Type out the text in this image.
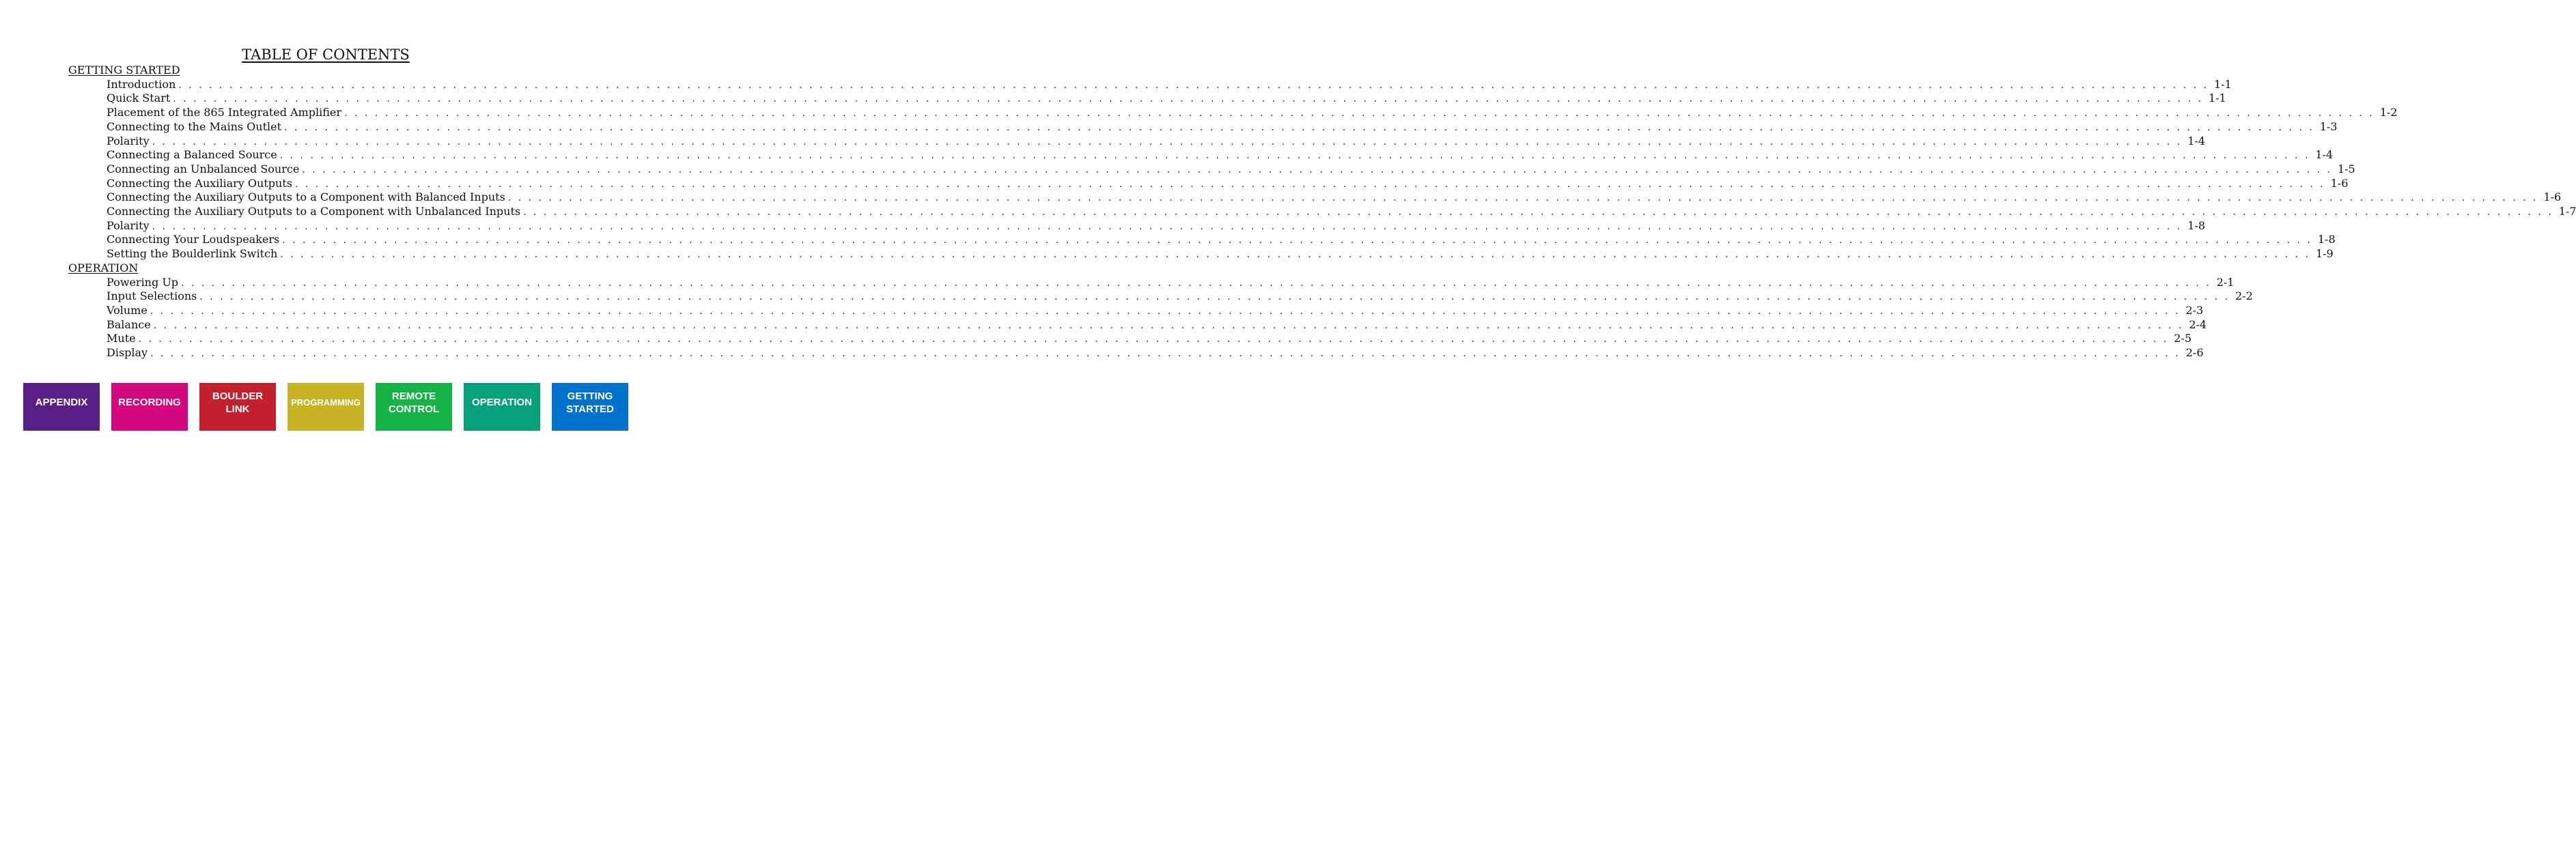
TABLE OF CONTENTS
GETTING STARTED
Introduction . . . . . . . . . . . . . . . . . . . . . . . . . . . . . . . . . . . . . . . . . . . . . . . . . . . . . . . . . . . . . . . . . . . . . . . . . . . . . . . . . . . . . . . . . . . . . . . . . . . . . . . . . . . . . . . . . . . . . . . . . . . . . . . . . . . . . . . . . . . . . . . . . . . . . . . . . . . . . . . . . . . . . . . . . . . . . . . . . . . . . . . . . . . . . . . . . . . . . . . . 1-1
Quick Start . . . . . . . . . . . . . . . . . . . . . . . . . . . . . . . . . . . . . . . . . . . . . . . . . . . . . . . . . . . . . . . . . . . . . . . . . . . . . . . . . . . . . . . . . . . . . . . . . . . . . . . . . . . . . . . . . . . . . . . . . . . . . . . . . . . . . . . . . . . . . . . . . . . . . . . . . . . . . . . . . . . . . . . . . . . . . . . . . . . . . . . . . . . . . . . . . . . . . . . . 1-1
Placement of the 865 Integrated Amplifier . . . . . . . . . . . . . . . . . . . . . . . . . . . . . . . . . . . . . . . . . . . . . . . . . . . . . . . . . . . . . . . . . . . . . . . . . . . . . . . . . . . . . . . . . . . . . . . . . . . . . . . . . . . . . . . . . . . . . . . . . . . . . . . . . . . . . . . . . . . . . . . . . . . . . . . . . . . . . . . . . . . . . . . . . . . . . . . . . . . . . . . . . . . . . . . . . . . . . . . . 1-2
Connecting to the Mains Outlet . . . . . . . . . . . . . . . . . . . . . . . . . . . . . . . . . . . . . . . . . . . . . . . . . . . . . . . . . . . . . . . . . . . . . . . . . . . . . . . . . . . . . . . . . . . . . . . . . . . . . . . . . . . . . . . . . . . . . . . . . . . . . . . . . . . . . . . . . . . . . . . . . . . . . . . . . . . . . . . . . . . . . . . . . . . . . . . . . . . . . . . . . . . . . . . . . . . . . . . . 1-3
Polarity . . . . . . . . . . . . . . . . . . . . . . . . . . . . . . . . . . . . . . . . . . . . . . . . . . . . . . . . . . . . . . . . . . . . . . . . . . . . . . . . . . . . . . . . . . . . . . . . . . . . . . . . . . . . . . . . . . . . . . . . . . . . . . . . . . . . . . . . . . . . . . . . . . . . . . . . . . . . . . . . . . . . . . . . . . . . . . . . . . . . . . . . . . . . . . . . . . . . . . . . 1-4
Connecting a Balanced Source . . . . . . . . . . . . . . . . . . . . . . . . . . . . . . . . . . . . . . . . . . . . . . . . . . . . . . . . . . . . . . . . . . . . . . . . . . . . . . . . . . . . . . . . . . . . . . . . . . . . . . . . . . . . . . . . . . . . . . . . . . . . . . . . . . . . . . . . . . . . . . . . . . . . . . . . . . . . . . . . . . . . . . . . . . . . . . . . . . . . . . . . . . . . . . . . . . . . . . . . 1-4
Connecting an Unbalanced Source . . . . . . . . . . . . . . . . . . . . . . . . . . . . . . . . . . . . . . . . . . . . . . . . . . . . . . . . . . . . . . . . . . . . . . . . . . . . . . . . . . . . . . . . . . . . . . . . . . . . . . . . . . . . . . . . . . . . . . . . . . . . . . . . . . . . . . . . . . . . . . . . . . . . . . . . . . . . . . . . . . . . . . . . . . . . . . . . . . . . . . . . . . . . . . . . . . . . . . . . 1-5
Connecting the Auxiliary Outputs . . . . . . . . . . . . . . . . . . . . . . . . . . . . . . . . . . . . . . . . . . . . . . . . . . . . . . . . . . . . . . . . . . . . . . . . . . . . . . . . . . . . . . . . . . . . . . . . . . . . . . . . . . . . . . . . . . . . . . . . . . . . . . . . . . . . . . . . . . . . . . . . . . . . . . . . . . . . . . . . . . . . . . . . . . . . . . . . . . . . . . . . . . . . . . . . . . . . . . . . 1-6
Connecting the Auxiliary Outputs to a Component with Balanced Inputs . . . . . . . . . . . . . . . . . . . . . . . . . . . . . . . . . . . . . . . . . . . . . . . . . . . . . . . . . . . . . . . . . . . . . . . . . . . . . . . . . . . . . . . . . . . . . . . . . . . . . . . . . . . . . . . . . . . . . . . . . . . . . . . . . . . . . . . . . . . . . . . . . . . . . . . . . . . . . . . . . . . . . . . . . . . . . . . . . . . . . . . . . . . . . . . . . . . . . . . . 1-6
Connecting the Auxiliary Outputs to a Component with Unbalanced Inputs . . . . . . . . . . . . . . . . . . . . . . . . . . . . . . . . . . . . . . . . . . . . . . . . . . . . . . . . . . . . . . . . . . . . . . . . . . . . . . . . . . . . . . . . . . . . . . . . . . . . . . . . . . . . . . . . . . . . . . . . . . . . . . . . . . . . . . . . . . . . . . . . . . . . . . . . . . . . . . . . . . . . . . . . . . . . . . . . . . . . . . . . . . . . . . . . . . . . . . . . 1-7
Polarity . . . . . . . . . . . . . . . . . . . . . . . . . . . . . . . . . . . . . . . . . . . . . . . . . . . . . . . . . . . . . . . . . . . . . . . . . . . . . . . . . . . . . . . . . . . . . . . . . . . . . . . . . . . . . . . . . . . . . . . . . . . . . . . . . . . . . . . . . . . . . . . . . . . . . . . . . . . . . . . . . . . . . . . . . . . . . . . . . . . . . . . . . . . . . . . . . . . . . . . . 1-8
Connecting Your Loudspeakers . . . . . . . . . . . . . . . . . . . . . . . . . . . . . . . . . . . . . . . . . . . . . . . . . . . . . . . . . . . . . . . . . . . . . . . . . . . . . . . . . . . . . . . . . . . . . . . . . . . . . . . . . . . . . . . . . . . . . . . . . . . . . . . . . . . . . . . . . . . . . . . . . . . . . . . . . . . . . . . . . . . . . . . . . . . . . . . . . . . . . . . . . . . . . . . . . . . . . . . . 1-8
Setting the Boulderlink Switch . . . . . . . . . . . . . . . . . . . . . . . . . . . . . . . . . . . . . . . . . . . . . . . . . . . . . . . . . . . . . . . . . . . . . . . . . . . . . . . . . . . . . . . . . . . . . . . . . . . . . . . . . . . . . . . . . . . . . . . . . . . . . . . . . . . . . . . . . . . . . . . . . . . . . . . . . . . . . . . . . . . . . . . . . . . . . . . . . . . . . . . . . . . . . . . . . . . . . . . . 1-9
OPERATION
Powering Up . . . . . . . . . . . . . . . . . . . . . . . . . . . . . . . . . . . . . . . . . . . . . . . . . . . . . . . . . . . . . . . . . . . . . . . . . . . . . . . . . . . . . . . . . . . . . . . . . . . . . . . . . . . . . . . . . . . . . . . . . . . . . . . . . . . . . . . . . . . . . . . . . . . . . . . . . . . . . . . . . . . . . . . . . . . . . . . . . . . . . . . . . . . . . . . . . . . . . . . . 2-1
Input Selections . . . . . . . . . . . . . . . . . . . . . . . . . . . . . . . . . . . . . . . . . . . . . . . . . . . . . . . . . . . . . . . . . . . . . . . . . . . . . . . . . . . . . . . . . . . . . . . . . . . . . . . . . . . . . . . . . . . . . . . . . . . . . . . . . . . . . . . . . . . . . . . . . . . . . . . . . . . . . . . . . . . . . . . . . . . . . . . . . . . . . . . . . . . . . . . . . . . . . . . . 2-2
Volume . . . . . . . . . . . . . . . . . . . . . . . . . . . . . . . . . . . . . . . . . . . . . . . . . . . . . . . . . . . . . . . . . . . . . . . . . . . . . . . . . . . . . . . . . . . . . . . . . . . . . . . . . . . . . . . . . . . . . . . . . . . . . . . . . . . . . . . . . . . . . . . . . . . . . . . . . . . . . . . . . . . . . . . . . . . . . . . . . . . . . . . . . . . . . . . . . . . . . . . . 2-3
Balance . . . . . . . . . . . . . . . . . . . . . . . . . . . . . . . . . . . . . . . . . . . . . . . . . . . . . . . . . . . . . . . . . . . . . . . . . . . . . . . . . . . . . . . . . . . . . . . . . . . . . . . . . . . . . . . . . . . . . . . . . . . . . . . . . . . . . . . . . . . . . . . . . . . . . . . . . . . . . . . . . . . . . . . . . . . . . . . . . . . . . . . . . . . . . . . . . . . . . . . . 2-4
Mute . . . . . . . . . . . . . . . . . . . . . . . . . . . . . . . . . . . . . . . . . . . . . . . . . . . . . . . . . . . . . . . . . . . . . . . . . . . . . . . . . . . . . . . . . . . . . . . . . . . . . . . . . . . . . . . . . . . . . . . . . . . . . . . . . . . . . . . . . . . . . . . . . . . . . . . . . . . . . . . . . . . . . . . . . . . . . . . . . . . . . . . . . . . . . . . . . . . . . . . . 2-5
Display . . . . . . . . . . . . . . . . . . . . . . . . . . . . . . . . . . . . . . . . . . . . . . . . . . . . . . . . . . . . . . . . . . . . . . . . . . . . . . . . . . . . . . . . . . . . . . . . . . . . . . . . . . . . . . . . . . . . . . . . . . . . . . . . . . . . . . . . . . . . . . . . . . . . . . . . . . . . . . . . . . . . . . . . . . . . . . . . . . . . . . . . . . . . . . . . . . . . . . . . 2-6
APPENDIX	RECORDING	BOULDER
LINK
PROGRAMMING	REMOTE
CONTROL
OPERATION	GETTING
STARTED
